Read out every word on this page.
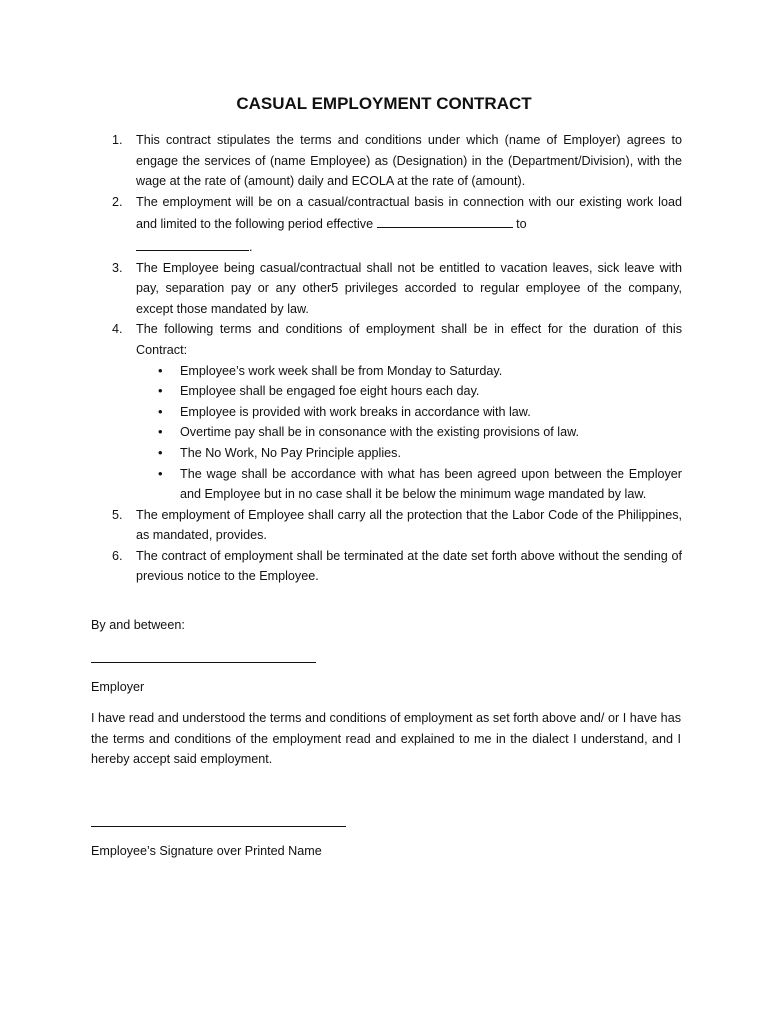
CASUAL EMPLOYMENT CONTRACT
1. This contract stipulates the terms and conditions under which (name of Employer) agrees to engage the services of (name Employee) as (Designation) in the (Department/Division), with the wage at the rate of (amount) daily and ECOLA at the rate of (amount).
2. The employment will be on a casual/contractual basis in connection with our existing work load and limited to the following period effective	to
.
3. The Employee being casual/contractual shall not be entitled to vacation leaves, sick leave with pay, separation pay or any other5 privileges accorded to regular employee of the company, except those mandated by law.
4. The following terms and conditions of employment shall be in effect for the duration of this Contract:
• Employee’s work week shall be from Monday to Saturday.
• Employee shall be engaged foe eight hours each day.
• Employee is provided with work breaks in accordance with law.
• Overtime pay shall be in consonance with the existing provisions of law.
• The No Work, No Pay Principle applies.
• The wage shall be accordance with what has been agreed upon between the Employer and Employee but in no case shall it be below the minimum wage mandated by law.
5. The employment of Employee shall carry all the protection that the Labor Code of the Philippines, as mandated, provides.
6. The contract of employment shall be terminated at the date set forth above without the sending of previous notice to the Employee.

By and between:

Employer

I have read and understood the terms and conditions of employment as set forth above and/ or I have has the terms and conditions of the employment read and explained to me in the dialect I understand, and I hereby accept said employment.

Employee’s Signature over Printed Name
